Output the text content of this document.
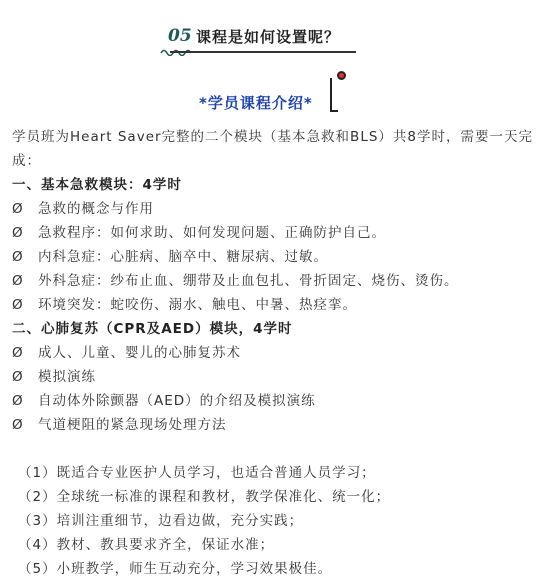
05 课程是如何设置呢？
*学员课程介绍*
学员班为Heart Saver完整的二个模块（基本急救和BLS）共8学时，需要一天完成：
一、基本急救模块：4学时
Ø 急救的概念与作用
Ø 急救程序：如何求助、如何发现问题、正确防护自己。
Ø 内科急症：心脏病、脑卒中、糖尿病、过敏。
Ø 外科急症：纱布止血、绷带及止血包扎、骨折固定、烧伤、烫伤。
Ø 环境突发：蛇咬伤、溺水、触电、中暑、热痉挛。
二、心肺复苏（CPR及AED）模块，4学时
Ø 成人、儿童、婴儿的心肺复苏术
Ø 模拟演练
Ø 自动体外除颤器（AED）的介绍及模拟演练
Ø 气道梗阻的紧急现场处理方法
（1）既适合专业医护人员学习，也适合普通人员学习；
（2）全球统一标准的课程和教材，教学保准化、统一化；
（3）培训注重细节，边看边做，充分实践；
（4）教材、教具要求齐全，保证水准；
（5）小班教学，师生互动充分，学习效果极佳。
